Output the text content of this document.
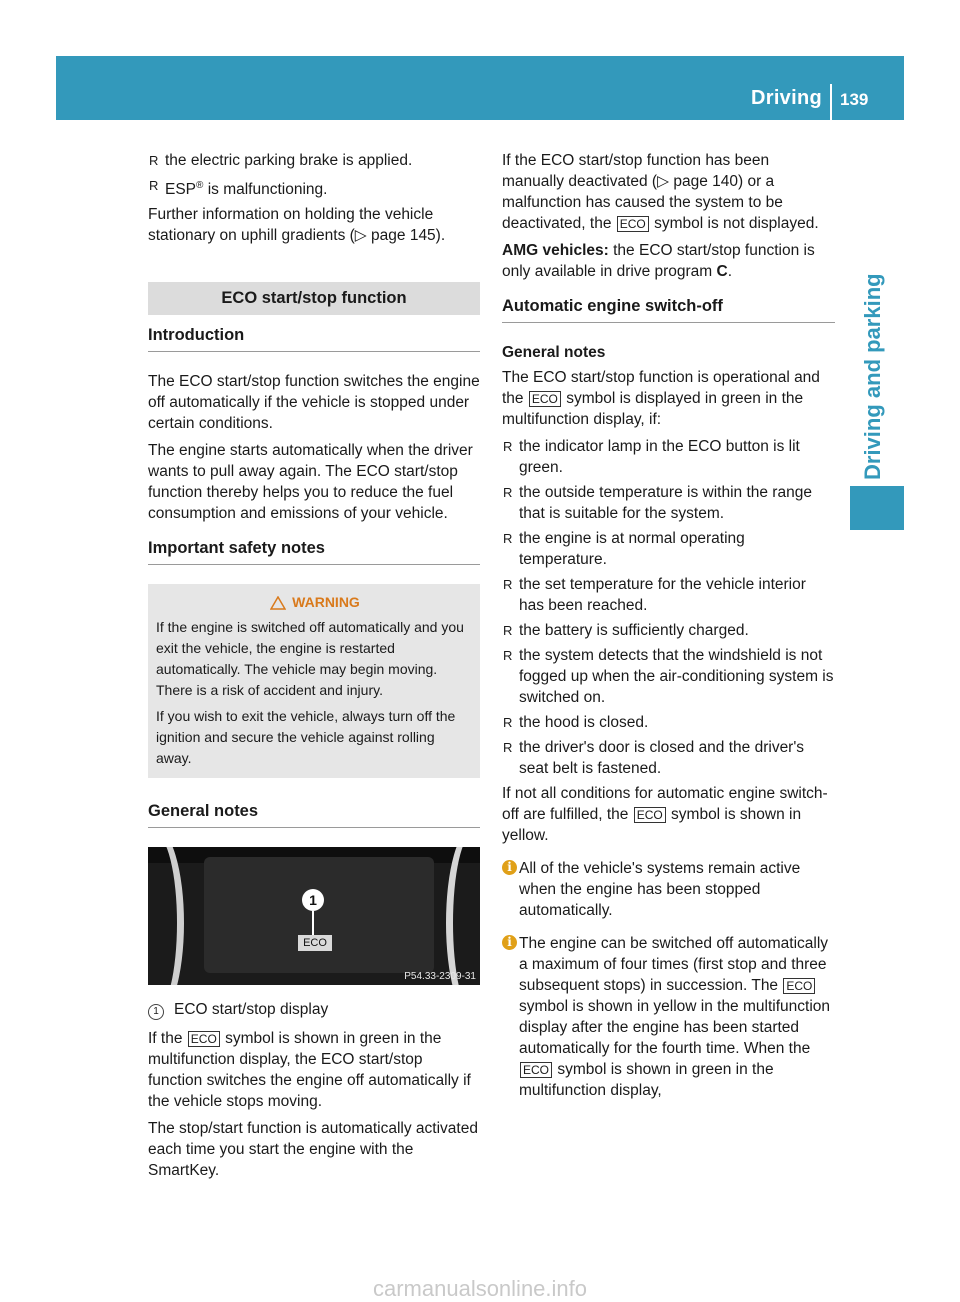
Driving 139
Driving and parking
R the electric parking brake is applied.
R ESP® is malfunctioning.

Further information on holding the vehicle stationary on uphill gradients (▷ page 145).

ECO start/stop function
Introduction

The ECO start/stop function switches the engine off automatically if the vehicle is stopped under certain conditions.

The engine starts automatically when the driver wants to pull away again. The ECO start/stop function thereby helps you to reduce the fuel consumption and emissions of your vehicle.

Important safety notes
WARNING

If the engine is switched off automatically and you exit the vehicle, the engine is restarted automatically. The vehicle may begin moving. There is a risk of accident and injury.

If you wish to exit the vehicle, always turn off the ignition and secure the vehicle against rolling away.

General notes
1
ECO
P54.33-2309-31
1 ECO start/stop display

If the ECO symbol is shown in green in the multifunction display, the ECO start/stop function switches the engine off automatically if the vehicle stops moving.

The stop/start function is automatically activated each time you start the engine with the SmartKey.

If the ECO start/stop function has been manually deactivated (▷ page 140) or a malfunction has caused the system to be deactivated, the ECO symbol is not displayed.

AMG vehicles: the ECO start/stop function is only available in drive program C.

Automatic engine switch-off
General notes

The ECO start/stop function is operational and the ECO symbol is displayed in green in the multifunction display, if:

R the indicator lamp in the ECO button is lit green.
R the outside temperature is within the range that is suitable for the system.
R the engine is at normal operating temperature.
R the set temperature for the vehicle interior has been reached.
R the battery is sufficiently charged.
R the system detects that the windshield is not fogged up when the air-conditioning system is switched on.
R the hood is closed.
R the driver's door is closed and the driver's seat belt is fastened.

If not all conditions for automatic engine switch-off are fulfilled, the ECO symbol is shown in yellow.

i All of the vehicle's systems remain active when the engine has been stopped automatically.
i The engine can be switched off automatically a maximum of four times (first stop and three subsequent stops) in succession. The ECO symbol is shown in yellow in the multifunction display after the engine has been started automatically for the fourth time. When the ECO symbol is shown in green in the multifunction display,
carmanualsonline.info
